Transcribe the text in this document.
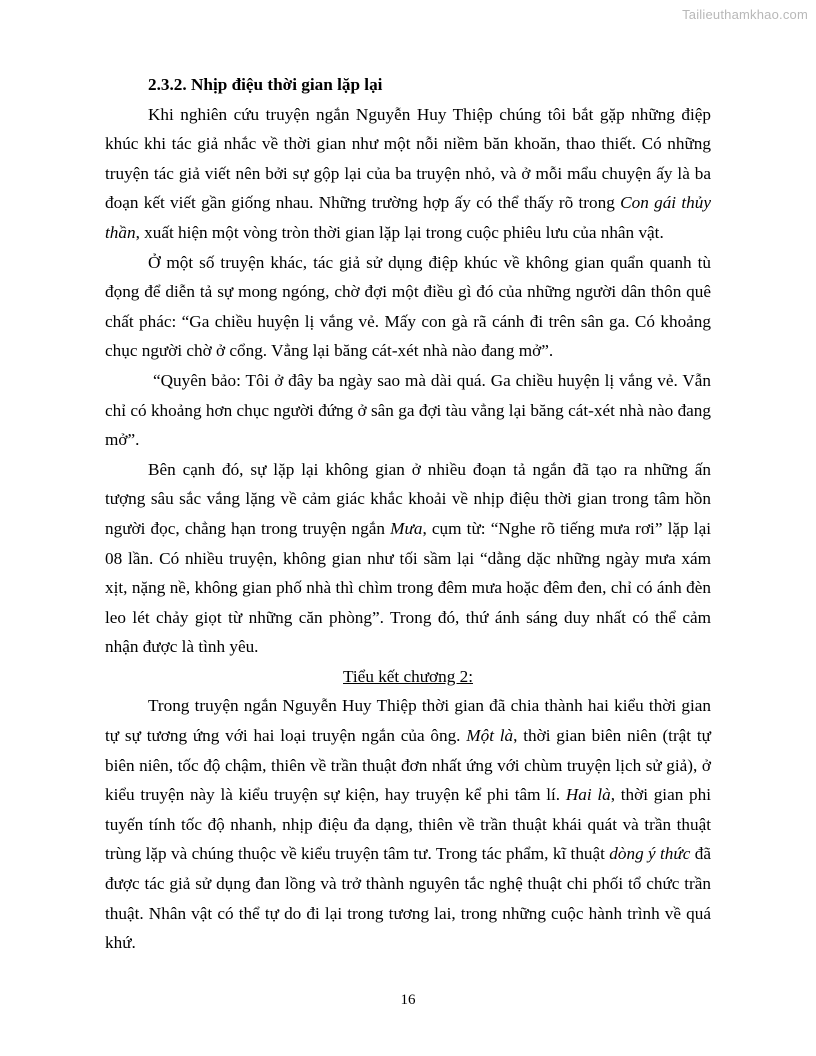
Tailieuthamkhao.com

2.3.2. Nhịp điệu thời gian lặp lại

Khi nghiên cứu truyện ngắn Nguyễn Huy Thiệp chúng tôi bắt gặp những điệp khúc khi tác giả nhắc về thời gian như một nỗi niềm băn khoăn, thao thiết. Có những truyện tác giả viết nên bởi sự gộp lại của ba truyện nhỏ, và ở mỗi mẩu chuyện ấy là ba đoạn kết viết gần giống nhau. Những trường hợp ấy có thể thấy rõ trong Con gái thủy thần, xuất hiện một vòng tròn thời gian lặp lại trong cuộc phiêu lưu của nhân vật.

Ở một số truyện khác, tác giả sử dụng điệp khúc về không gian quẩn quanh tù đọng để diễn tả sự mong ngóng, chờ đợi một điều gì đó của những người dân thôn quê chất phác: “Ga chiều huyện lị vắng vẻ. Mấy con gà rã cánh đi trên sân ga. Có khoảng chục người chờ ở cổng. Vẳng lại băng cát-xét nhà nào đang mở”.

“Quyên bảo: Tôi ở đây ba ngày sao mà dài quá. Ga chiều huyện lị vắng vẻ. Vẫn chỉ có khoảng hơn chục người đứng ở sân ga đợi tàu vẳng lại băng cát-xét nhà nào đang mở”.

Bên cạnh đó, sự lặp lại không gian ở nhiều đoạn tả ngắn đã tạo ra những ấn tượng sâu sắc vắng lặng về cảm giác khắc khoải về nhịp điệu thời gian trong tâm hồn người đọc, chẳng hạn trong truyện ngắn Mưa, cụm từ: “Nghe rõ tiếng mưa rơi” lặp lại 08 lần. Có nhiều truyện, không gian như tối sầm lại “dằng dặc những ngày mưa xám xịt, nặng nề, không gian phố nhà thì chìm trong đêm mưa hoặc đêm đen, chỉ có ánh đèn leo lét chảy giọt từ những căn phòng”. Trong đó, thứ ánh sáng duy nhất có thể cảm nhận được là tình yêu.

Tiểu kết chương 2:

Trong truyện ngắn Nguyễn Huy Thiệp thời gian đã chia thành hai kiểu thời gian tự sự tương ứng với hai loại truyện ngắn của ông. Một là, thời gian biên niên (trật tự biên niên, tốc độ chậm, thiên về trần thuật đơn nhất ứng với chùm truyện lịch sử giả), ở kiểu truyện này là kiểu truyện sự kiện, hay truyện kể phi tâm lí. Hai là, thời gian phi tuyến tính tốc độ nhanh, nhịp điệu đa dạng, thiên về trần thuật khái quát và trần thuật trùng lặp và chúng thuộc về kiểu truyện tâm tư. Trong tác phẩm, kĩ thuật dòng ý thức đã được tác giả sử dụng đan lồng và trở thành nguyên tắc nghệ thuật chi phối tổ chức trần thuật. Nhân vật có thể tự do đi lại trong tương lai, trong những cuộc hành trình về quá khứ.

16
